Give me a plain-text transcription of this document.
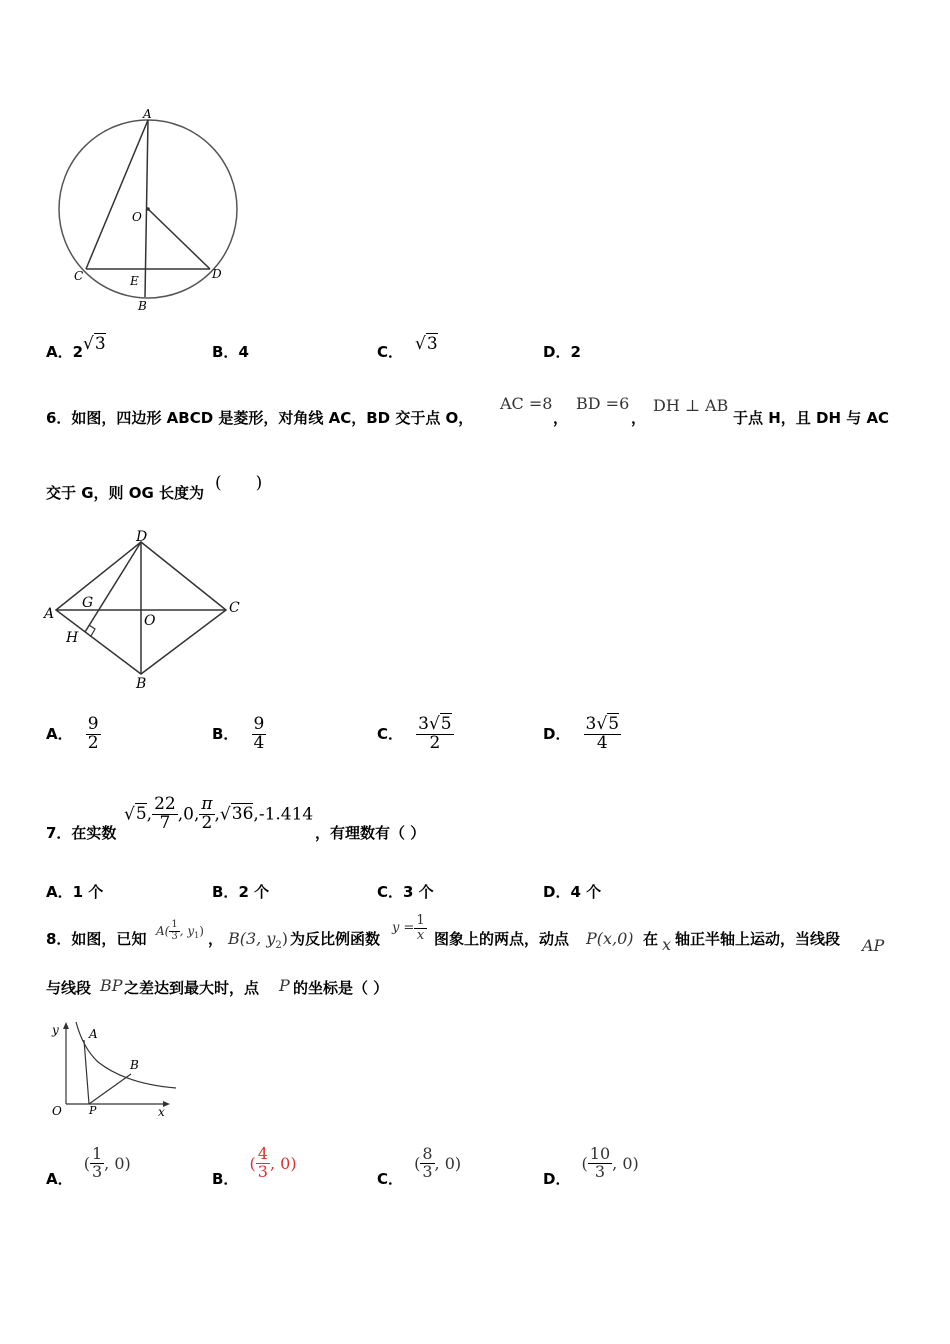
A
O
C	E	D
B
A．2√3	B．4	C． √3	D．2
6．如图，四边形 ABCD 是菱形，对角线 AC，BD 交于点 O，
AC =8
，
BD =6
，
DH ⊥ AB
于点 H，且 DH 与 AC
交于 G，则 OG 长度为 (　　)
D
A
G
O
C
H
B
A． $\frac{9}{2}$	B． $\frac{9}{4}$	C． $\frac{3√5}{2}$	D． $\frac{3√5}{4}$
7．在实数
√5, $\frac{22}{7} ,0$, $\frac{\pi}{2} ,√36,-1.414$
，有理数有（ ）
A．1 个	B．2 个	C．3 个	D．4 个
8．如图，已知 $A( \frac{1}{3}$ , $y_1$) ， B(3, $y_2$) 为反比例函数
$y = \frac{1}{x}$ 图象上的两点，动点 P(x,0) 在 x 轴正半轴上运动，当线段 AP
与线段 BP 之差达到最大时，点 P 的坐标是（ ）
y	A
B
O P	x
A． ( $\frac{1}{3}$ , 0)
B． ( $\frac{4}{3}$ , 0)
C． ( $\frac{8}{3}$ , 0)
D． ( $\frac{10}{3}$ , 0)
